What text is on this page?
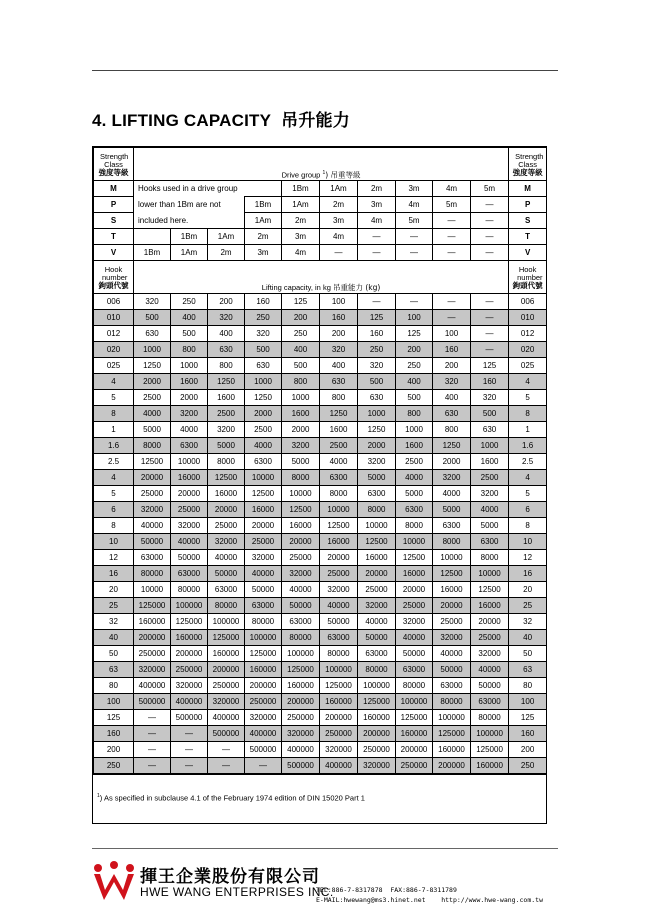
4. LIFTING CAPACITY 吊升能力
Strength Class
強度等級	Drive group $^1$) 吊重等級										Strength Class
強度等級
M	Hooks used in a drive group				1Bm	1Am	2m	3m	4m	5m	M
P	lower than 1Bm are not			1Bm	1Am	2m	3m	4m	5m	—	P
S	included here.			1Am	2m	3m	4m	5m	—	—	S
T		1Bm	1Am	2m	3m	4m	—	—	—	—	T
V	1Bm	1Am	2m	3m	4m	—	—	—	—	—	V

Hook number
鉤頭代號	Lifting capacity, in kg 吊重能力 (kg)										Hook number
鉤頭代號
006	320	250	200	160	125	100	—	—	—	—	006
010	500	400	320	250	200	160	125	100	—	—	010
012	630	500	400	320	250	200	160	125	100	—	012
020	1000	800	630	500	400	320	250	200	160	—	020
025	1250	1000	800	630	500	400	320	250	200	125	025
4	2000	1600	1250	1000	800	630	500	400	320	160	4
5	2500	2000	1600	1250	1000	800	630	500	400	320	5
8	4000	3200	2500	2000	1600	1250	1000	800	630	500	8
1	5000	4000	3200	2500	2000	1600	1250	1000	800	630	1
1.6	8000	6300	5000	4000	3200	2500	2000	1600	1250	1000	1.6
2.5	12500	10000	8000	6300	5000	4000	3200	2500	2000	1600	2.5
4	20000	16000	12500	10000	8000	6300	5000	4000	3200	2500	4
5	25000	20000	16000	12500	10000	8000	6300	5000	4000	3200	5
6	32000	25000	20000	16000	12500	10000	8000	6300	5000	4000	6
8	40000	32000	25000	20000	16000	12500	10000	8000	6300	5000	8
10	50000	40000	32000	25000	20000	16000	12500	10000	8000	6300	10
12	63000	50000	40000	32000	25000	20000	16000	12500	10000	8000	12
16	80000	63000	50000	40000	32000	25000	20000	16000	12500	10000	16
20	10000	80000	63000	50000	40000	32000	25000	20000	16000	12500	20
25	125000	100000	80000	63000	50000	40000	32000	25000	20000	16000	25
32	160000	125000	100000	80000	63000	50000	40000	32000	25000	20000	32
40	200000	160000	125000	100000	80000	63000	50000	40000	32000	25000	40
50	250000	200000	160000	125000	100000	80000	63000	50000	40000	32000	50
63	320000	250000	200000	160000	125000	100000	80000	63000	50000	40000	63
80	400000	320000	250000	200000	160000	125000	100000	80000	63000	50000	80
100	500000	400000	320000	250000	200000	160000	125000	100000	80000	63000	100
125	—	500000	400000	320000	250000	200000	160000	125000	100000	80000	125
160	—	—	500000	400000	320000	250000	200000	160000	125000	100000	160
200	—	—	—	500000	400000	320000	250000	200000	160000	125000	200
250	—	—	—	—	500000	400000	320000	250000	200000	160000	250
$^1$) As specified in subclause 4.1 of the February 1974 edition of DIN 15020 Part 1
揮王企業股份有限公司
HWE WANG ENTERPRISES INC.
TEL:886-7-8317878 FAX:886-7-8311789
E-MAIL:hwewang@ms3.hinet.net http://www.hwe-wang.com.tw
